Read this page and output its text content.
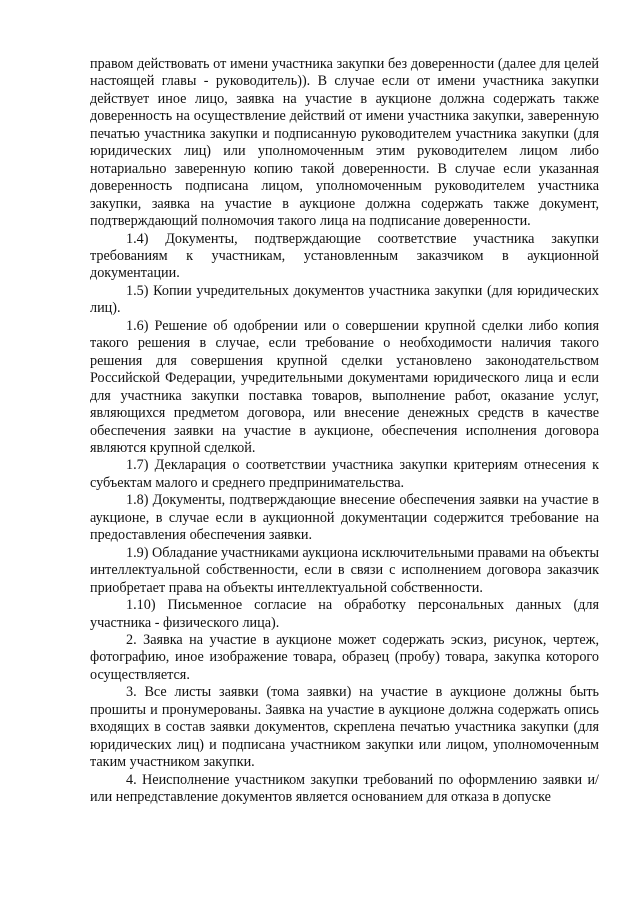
правом действовать от имени участника закупки без доверенности (далее для целей настоящей главы - руководитель)). В случае если от имени участника закупки действует иное лицо, заявка на участие в аукционе должна содержать также доверенность на осуществление действий от имени участника закупки, заверенную печатью участника закупки и подписанную руководителем участника закупки (для юридических лиц) или уполномоченным этим руководителем лицом либо нотариально заверенную копию такой доверенности. В случае если указанная доверенность подписана лицом, уполномоченным руководителем участника закупки, заявка на участие в аукционе должна содержать также документ, подтверждающий полномочия такого лица на подписание доверенности.

1.4) Документы, подтверждающие соответствие участника закупки требованиям к участникам, установленным заказчиком в аукционной документации.

1.5) Копии учредительных документов участника закупки (для юридических лиц).

1.6) Решение об одобрении или о совершении крупной сделки либо копия такого решения в случае, если требование о необходимости наличия такого решения для совершения крупной сделки установлено законодательством Российской Федерации, учредительными документами юридического лица и если для участника закупки поставка товаров, выполнение работ, оказание услуг, являющихся предметом договора, или внесение денежных средств в качестве обеспечения заявки на участие в аукционе, обеспечения исполнения договора являются крупной сделкой.

1.7) Декларация о соответствии участника закупки критериям отнесения к субъектам малого и среднего предпринимательства.

1.8) Документы, подтверждающие внесение обеспечения заявки на участие в аукционе, в случае если в аукционной документации содержится требование на предоставления обеспечения заявки.

1.9) Обладание участниками аукциона исключительными правами на объекты интеллектуальной собственности, если в связи с исполнением договора заказчик приобретает права на объекты интеллектуальной собственности.

1.10) Письменное согласие на обработку персональных данных (для участника - физического лица).

2. Заявка на участие в аукционе может содержать эскиз, рисунок, чертеж, фотографию, иное изображение товара, образец (пробу) товара, закупка которого осуществляется.

3. Все листы заявки (тома заявки) на участие в аукционе должны быть прошиты и пронумерованы. Заявка на участие в аукционе должна содержать опись входящих в состав заявки документов, скреплена печатью участника закупки (для юридических лиц) и подписана участником закупки или лицом, уполномоченным таким участником закупки.

4. Неисполнение участником закупки требований по оформлению заявки и/или непредставление документов является основанием для отказа в допуске
